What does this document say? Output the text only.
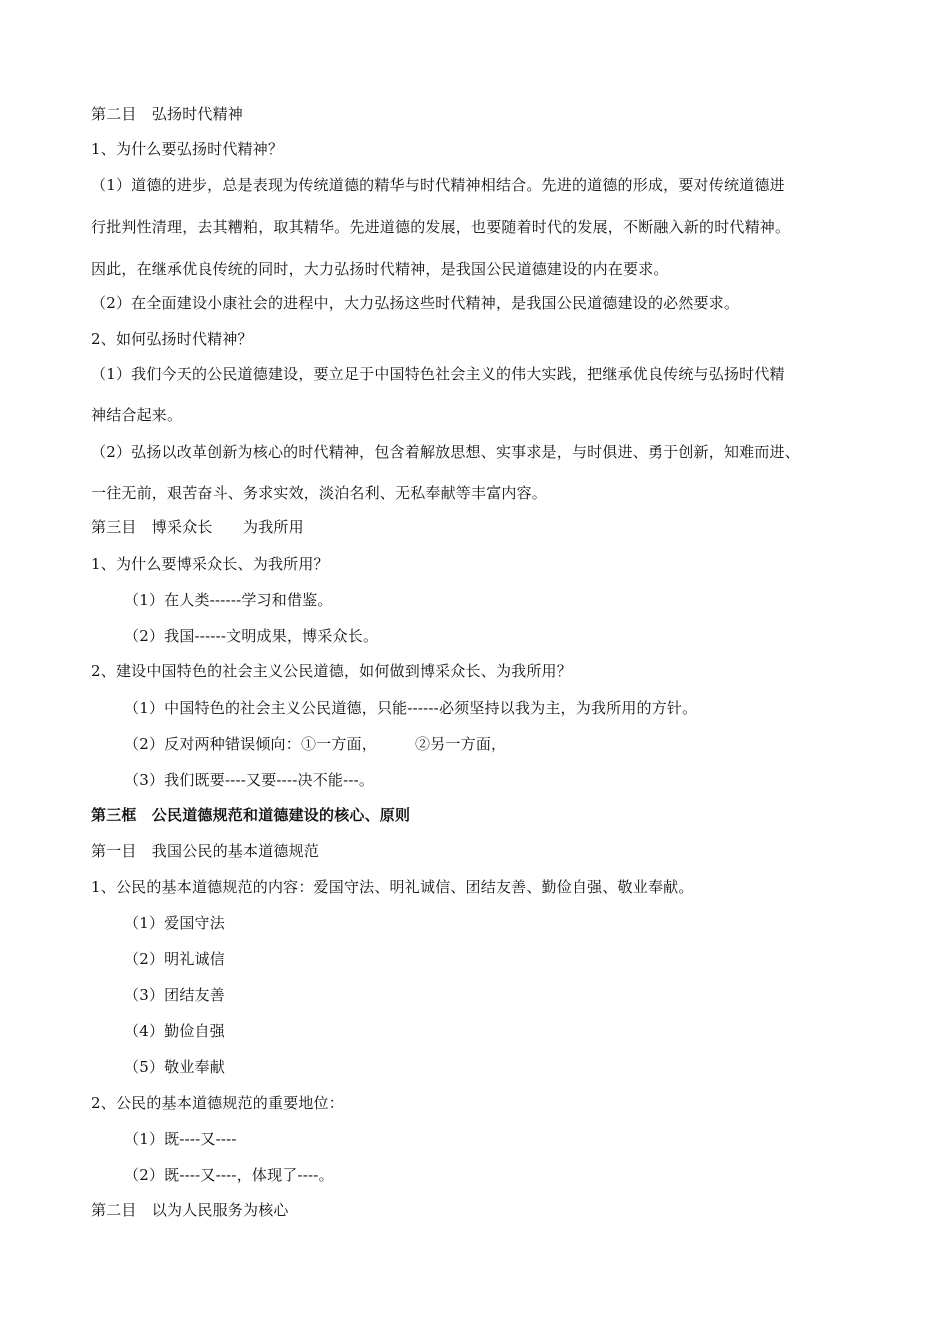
第二目　弘扬时代精神
1、为什么要弘扬时代精神？
（1）道德的进步，总是表现为传统道德的精华与时代精神相结合。先进的道德的形成，要对传统道德进
行批判性清理，去其糟粕，取其精华。先进道德的发展，也要随着时代的发展，不断融入新的时代精神。
因此，在继承优良传统的同时，大力弘扬时代精神，是我国公民道德建设的内在要求。
（2）在全面建设小康社会的进程中，大力弘扬这些时代精神，是我国公民道德建设的必然要求。
2、如何弘扬时代精神？
（1）我们今天的公民道德建设，要立足于中国特色社会主义的伟大实践，把继承优良传统与弘扬时代精
神结合起来。
（2）弘扬以改革创新为核心的时代精神，包含着解放思想、实事求是，与时俱进、勇于创新，知难而进、
一往无前，艰苦奋斗、务求实效，淡泊名利、无私奉献等丰富内容。
第三目　博采众长　　为我所用
1、为什么要博采众长、为我所用？
（1）在人类------学习和借鉴。
（2）我国------文明成果，博采众长。
2、建设中国特色的社会主义公民道德，如何做到博采众长、为我所用？
（1）中国特色的社会主义公民道德，只能------必须坚持以我为主，为我所用的方针。
（2）反对两种错误倾向：①一方面，　　　②另一方面，
（3）我们既要----又要----决不能---。
第三框　公民道德规范和道德建设的核心、原则
第一目　我国公民的基本道德规范
1、公民的基本道德规范的内容：爱国守法、明礼诚信、团结友善、勤俭自强、敬业奉献。
（1）爱国守法
（2）明礼诚信
（3）团结友善
（4）勤俭自强
（5）敬业奉献
2、公民的基本道德规范的重要地位：
（1）既----又----
（2）既----又----，体现了----。
第二目　以为人民服务为核心
